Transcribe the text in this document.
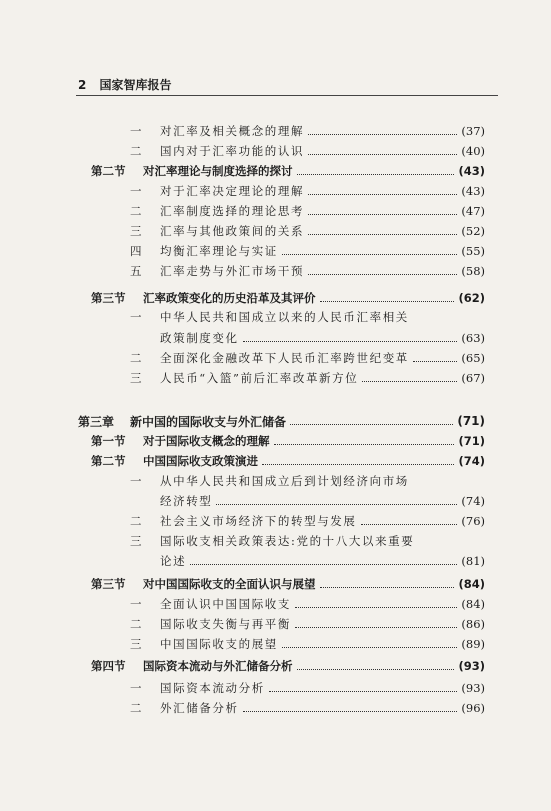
2 国家智库报告
一	对汇率及相关概念的理解	(37)
二	国内对于汇率功能的认识	(40)
第二节	对汇率理论与制度选择的探讨	(43)
一	对于汇率决定理论的理解	(43)
二	汇率制度选择的理论思考	(47)
三	汇率与其他政策间的关系	(52)
四	均衡汇率理论与实证	(55)
五	汇率走势与外汇市场干预	(58)
第三节	汇率政策变化的历史沿革及其评价	(62)
一	中华人民共和国成立以来的人民币汇率相关
政策制度变化	(63)
二	全面深化金融改革下人民币汇率跨世纪变革	(65)
三	人民币“入篮”前后汇率改革新方位	(67)
第三章	新中国的国际收支与外汇储备	(71)
第一节	对于国际收支概念的理解	(71)
第二节	中国国际收支政策演进	(74)
一	从中华人民共和国成立后到计划经济向市场
经济转型	(74)
二	社会主义市场经济下的转型与发展	(76)
三	国际收支相关政策表达:党的十八大以来重要
论述	(81)
第三节	对中国国际收支的全面认识与展望	(84)
一	全面认识中国国际收支	(84)
二	国际收支失衡与再平衡	(86)
三	中国国际收支的展望	(89)
第四节	国际资本流动与外汇储备分析	(93)
一	国际资本流动分析	(93)
二	外汇储备分析	(96)
